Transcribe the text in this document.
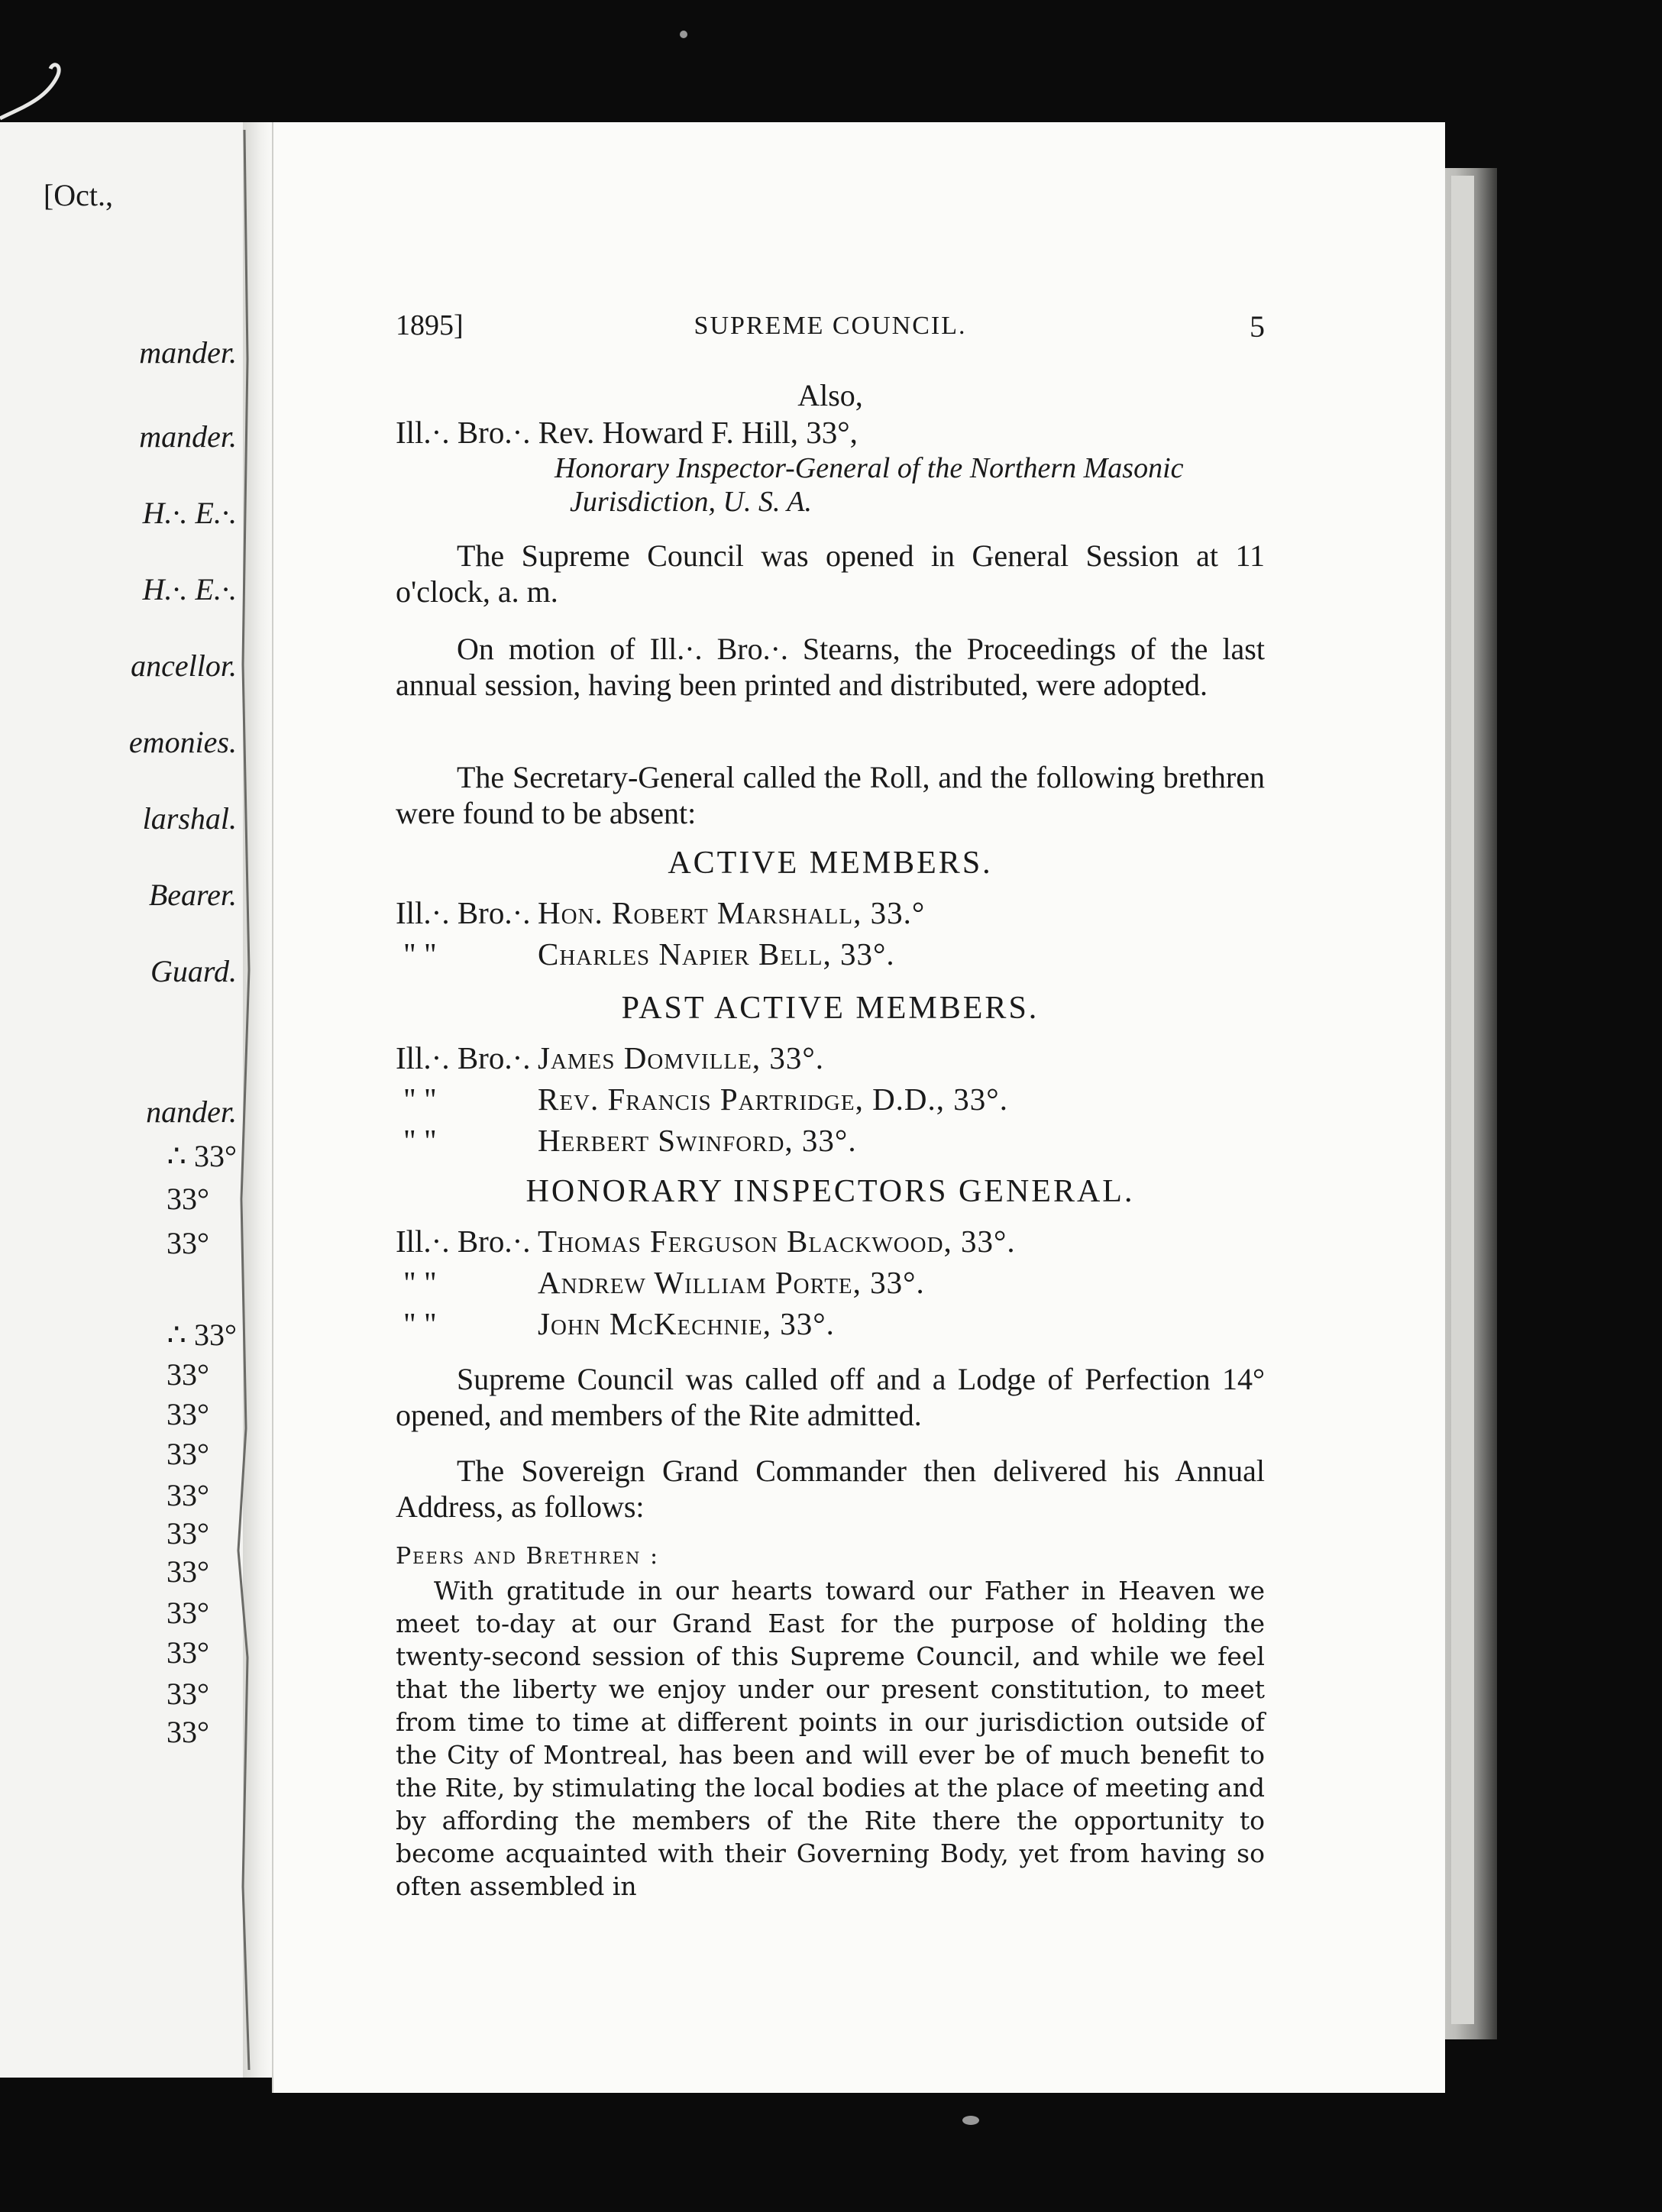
[Oct.,
mander.
mander.
H.·. E.·.
H.·. E.·.
ancellor.
emonies.
larshal.
Bearer.
Guard.
nander.
∴ 33°
33°
33°
∴ 33°
33°
33°
33°
33°
33°
33°
33°
33°
33°
33°
1895]	SUPREME COUNCIL.	5
Also,
Ill.·. Bro.·. Rev. Howard F. Hill, 33°,
Honorary Inspector-General of the Northern Masonic
Jurisdiction, U. S. A.
The Supreme Council was opened in General Session at 11 o'clock, a. m.
On motion of Ill.·. Bro.·. Stearns, the Proceedings of the last annual session, having been printed and distributed, were adopted.
The Secretary-General called the Roll, and the following brethren were found to be absent:
ACTIVE MEMBERS.
Ill.·. Bro.·. Hon. Robert Marshall, 33.°
" "	Charles Napier Bell, 33°.
PAST ACTIVE MEMBERS.
Ill.·. Bro.·. James Domville, 33°.
" "	Rev. Francis Partridge, D.D., 33°.
" "	Herbert Swinford, 33°.
HONORARY INSPECTORS GENERAL.
Ill.·. Bro.·. Thomas Ferguson Blackwood, 33°.
" "	Andrew William Porte, 33°.
" "	John McKechnie, 33°.
Supreme Council was called off and a Lodge of Perfection 14° opened, and members of the Rite admitted.
The Sovereign Grand Commander then delivered his Annual Address, as follows:
Peers and Brethren :
With gratitude in our hearts toward our Father in Heaven we meet to-day at our Grand East for the purpose of holding the twenty-second session of this Supreme Council, and while we feel that the liberty we enjoy under our present constitution, to meet from time to time at different points in our jurisdiction outside of the City of Montreal, has been and will ever be of much benefit to the Rite, by stimulating the local bodies at the place of meeting and by affording the members of the Rite there the opportunity to become acquainted with their Governing Body, yet from having so often assembled in
